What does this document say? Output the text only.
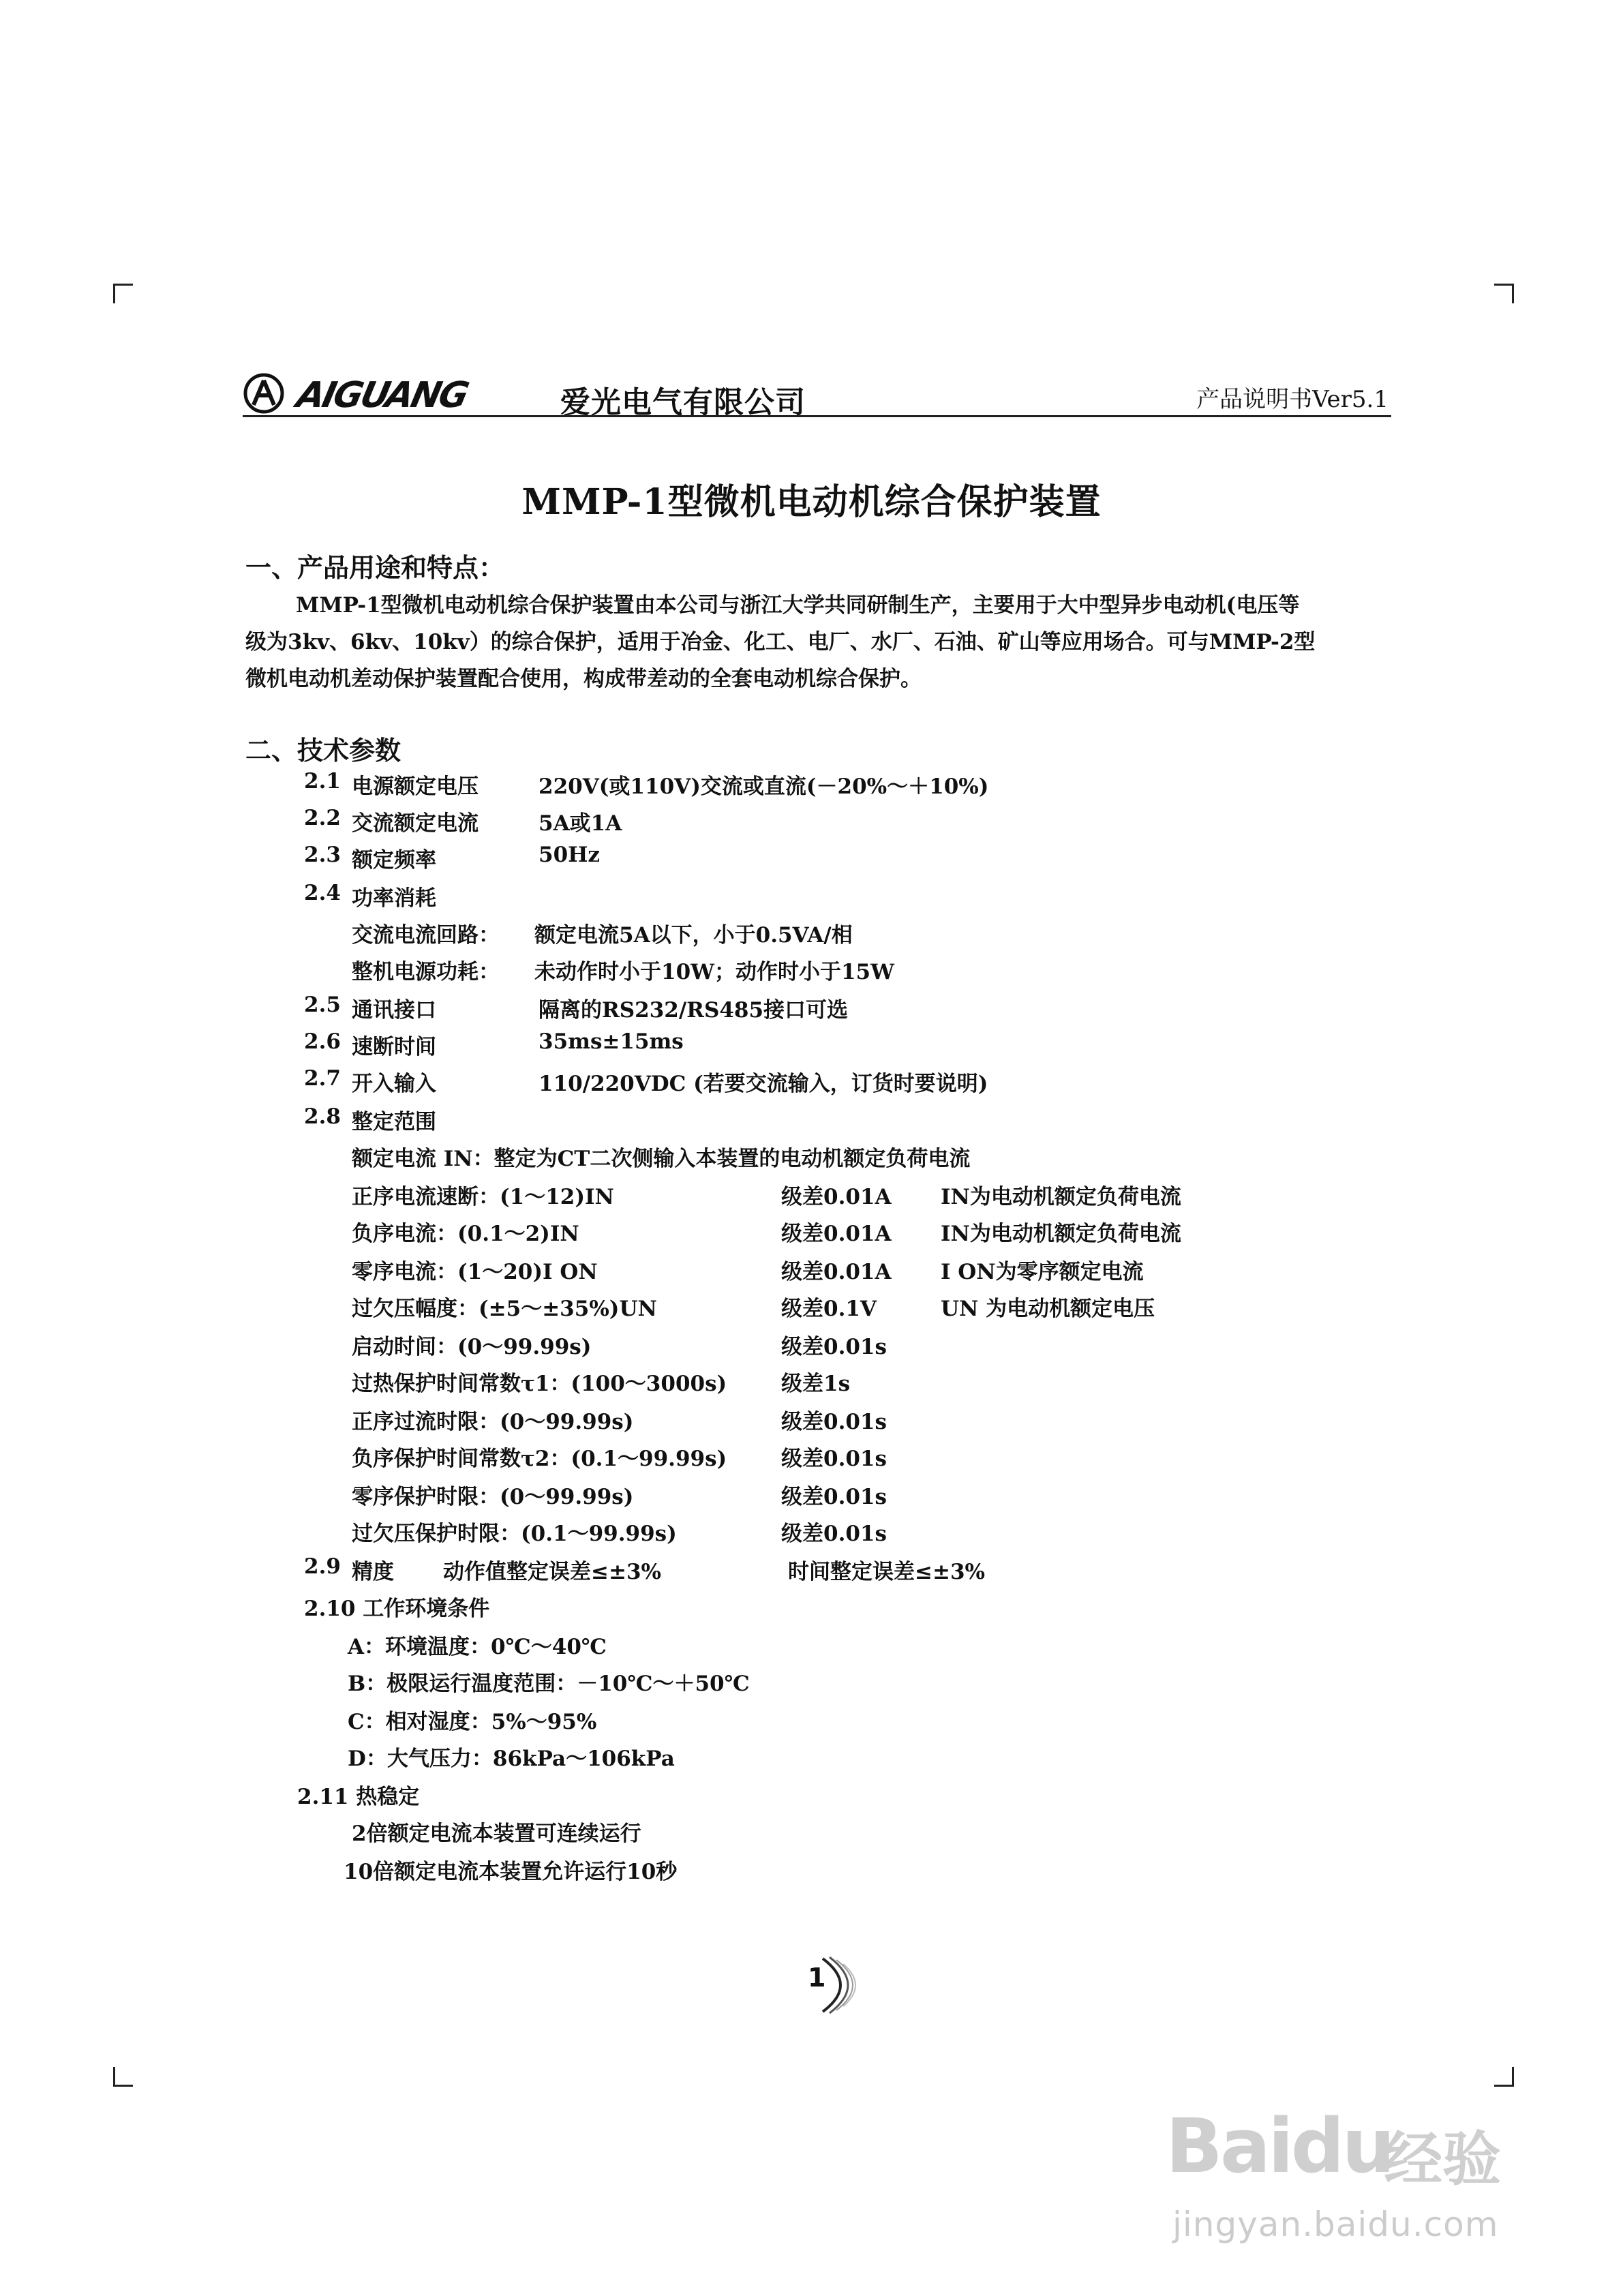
AIGUANG	爱光电气有限公司	产品说明书Ver5.1
MMP-1型微机电动机综合保护装置
一、产品用途和特点：
MMP-1型微机电动机综合保护装置由本公司与浙江大学共同研制生产，主要用于大中型异步电动机(电压等
级为3kv、6kv、10kv）的综合保护，适用于冶金、化工、电厂、水厂、石油、矿山等应用场合。可与MMP-2型
微机电动机差动保护装置配合使用，构成带差动的全套电动机综合保护。
二、技术参数
2.1 电源额定电压	220V(或110V)交流或直流(－20%～＋10%)
2.2 交流额定电流	5A或1A
2.3 额定频率	50Hz
2.4 功率消耗
交流电流回路： 额定电流5A以下，小于0.5VA/相
整机电源功耗： 未动作时小于10W；动作时小于15W
2.5 通讯接口	隔离的RS232/RS485接口可选
2.6 速断时间	35ms±15ms
2.7 开入输入	110/220VDC (若要交流输入，订货时要说明)
2.8 整定范围
额定电流 IN：整定为CT二次侧输入本装置的电动机额定负荷电流
正序电流速断：(1～12)IN	级差0.01A IN为电动机额定负荷电流
负序电流：(0.1～2)IN	级差0.01A IN为电动机额定负荷电流
零序电流：(1～20)I ON	级差0.01A I ON为零序额定电流
过欠压幅度：(±5～±35%)UN	级差0.1V	UN 为电动机额定电压
启动时间：(0～99.99s)	级差0.01s
过热保护时间常数τ1：(100～3000s)	级差1s
正序过流时限：(0～99.99s)	级差0.01s
负序保护时间常数τ2：(0.1～99.99s)	级差0.01s
零序保护时限：(0～99.99s)	级差0.01s
过欠压保护时限：(0.1～99.99s)	级差0.01s
2.9 精度 动作值整定误差≤±3%	时间整定误差≤±3%
2.10 工作环境条件
A：环境温度：0℃～40℃
B：极限运行温度范围：－10℃～＋50℃
C：相对湿度：5%～95%
D：大气压力：86kPa～106kPa
2.11 热稳定
2倍额定电流本装置可连续运行
10倍额定电流本装置允许运行10秒
1
Baidu
经验
jingyan.baidu.com
